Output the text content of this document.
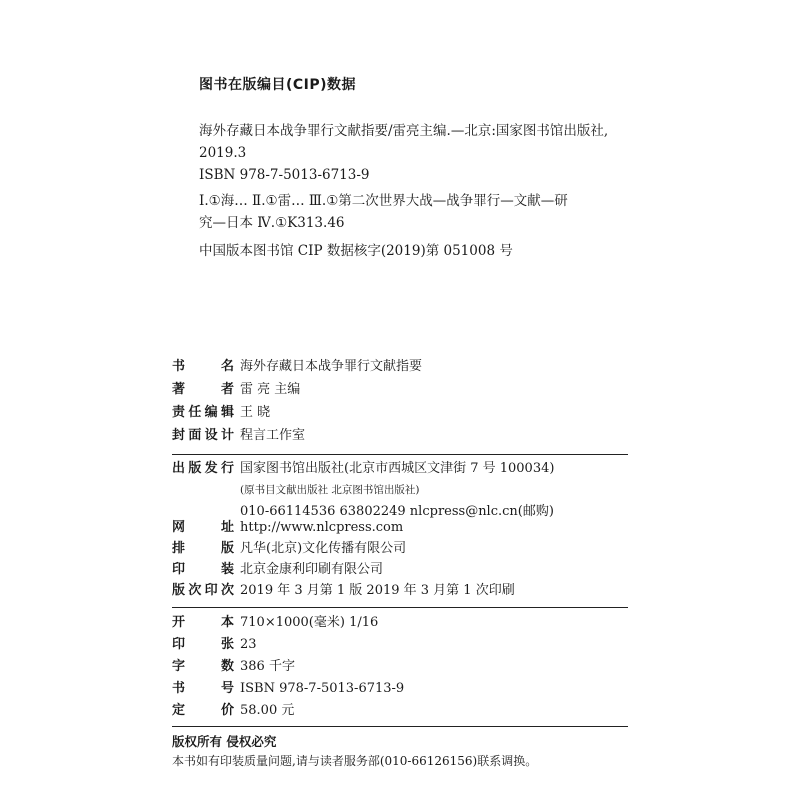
图书在版编目(CIP)数据
海外存藏日本战争罪行文献指要/雷亮主编.—北京:国家图书馆出版社,
2019.3
ISBN 978-7-5013-6713-9
Ⅰ.①海… Ⅱ.①雷… Ⅲ.①第二次世界大战—战争罪行—文献—研
究—日本 Ⅳ.①K313.46
中国版本图书馆 CIP 数据核字(2019)第 051008 号
书名 海外存藏日本战争罪行文献指要
著者 雷 亮 主编
责任编辑 王 晓
封面设计 程言工作室
出版发行 国家图书馆出版社(北京市西城区文津街 7 号 100034)
(原书目文献出版社 北京图书馆出版社)
010-66114536 63802249 nlcpress@nlc.cn(邮购)
网址 http://www.nlcpress.com
排版 凡华(北京)文化传播有限公司
印装 北京金康利印刷有限公司
版次印次 2019 年 3 月第 1 版 2019 年 3 月第 1 次印刷
开本 710×1000(毫米) 1/16
印张 23
字数 386 千字
书号 ISBN 978-7-5013-6713-9
定价 58.00 元
版权所有 侵权必究
本书如有印装质量问题,请与读者服务部(010-66126156)联系调换。
